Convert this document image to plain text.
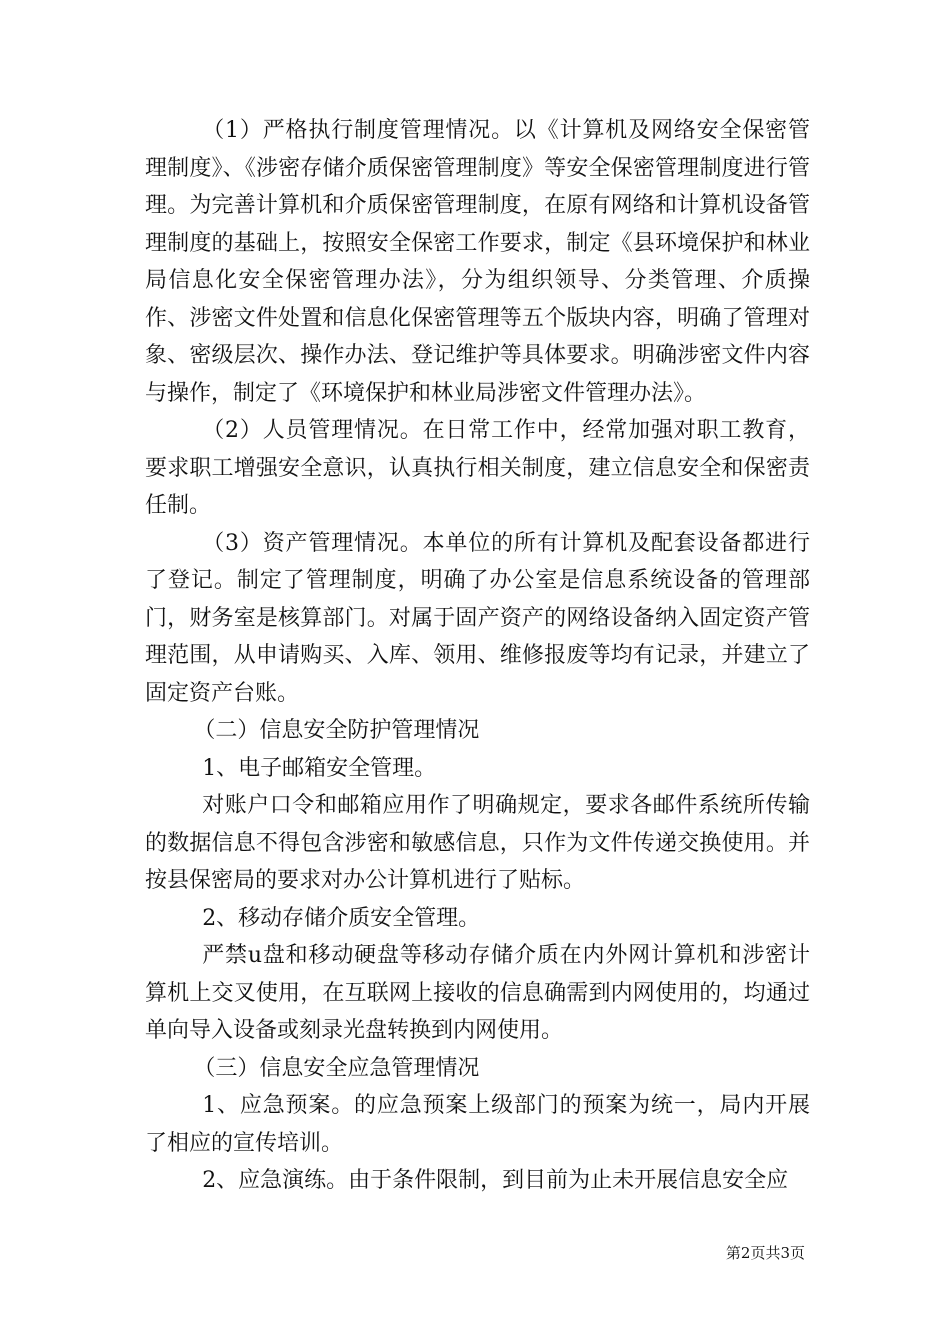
（1）严格执行制度管理情况。以《计算机及网络安全保密管理制度》、《涉密存储介质保密管理制度》等安全保密管理制度进行管理。为完善计算机和介质保密管理制度，在原有网络和计算机设备管理制度的基础上，按照安全保密工作要求，制定《县环境保护和林业局信息化安全保密管理办法》，分为组织领导、分类管理、介质操作、涉密文件处置和信息化保密管理等五个版块内容，明确了管理对象、密级层次、操作办法、登记维护等具体要求。明确涉密文件内容与操作，制定了《环境保护和林业局涉密文件管理办法》。

（2）人员管理情况。在日常工作中，经常加强对职工教育，要求职工增强安全意识，认真执行相关制度，建立信息安全和保密责任制。

（3）资产管理情况。本单位的所有计算机及配套设备都进行了登记。制定了管理制度，明确了办公室是信息系统设备的管理部门，财务室是核算部门。对属于固产资产的网络设备纳入固定资产管理范围，从申请购买、入库、领用、维修报废等均有记录，并建立了固定资产台账。

（二）信息安全防护管理情况

1、电子邮箱安全管理。

对账户口令和邮箱应用作了明确规定，要求各邮件系统所传输的数据信息不得包含涉密和敏感信息，只作为文件传递交换使用。并按县保密局的要求对办公计算机进行了贴标。

2、移动存储介质安全管理。

严禁u盘和移动硬盘等移动存储介质在内外网计算机和涉密计算机上交叉使用，在互联网上接收的信息确需到内网使用的，均通过单向导入设备或刻录光盘转换到内网使用。

（三）信息安全应急管理情况

1、应急预案。的应急预案上级部门的预案为统一，局内开展了相应的宣传培训。

2、应急演练。由于条件限制，到目前为止未开展信息安全应

第2页共3页
